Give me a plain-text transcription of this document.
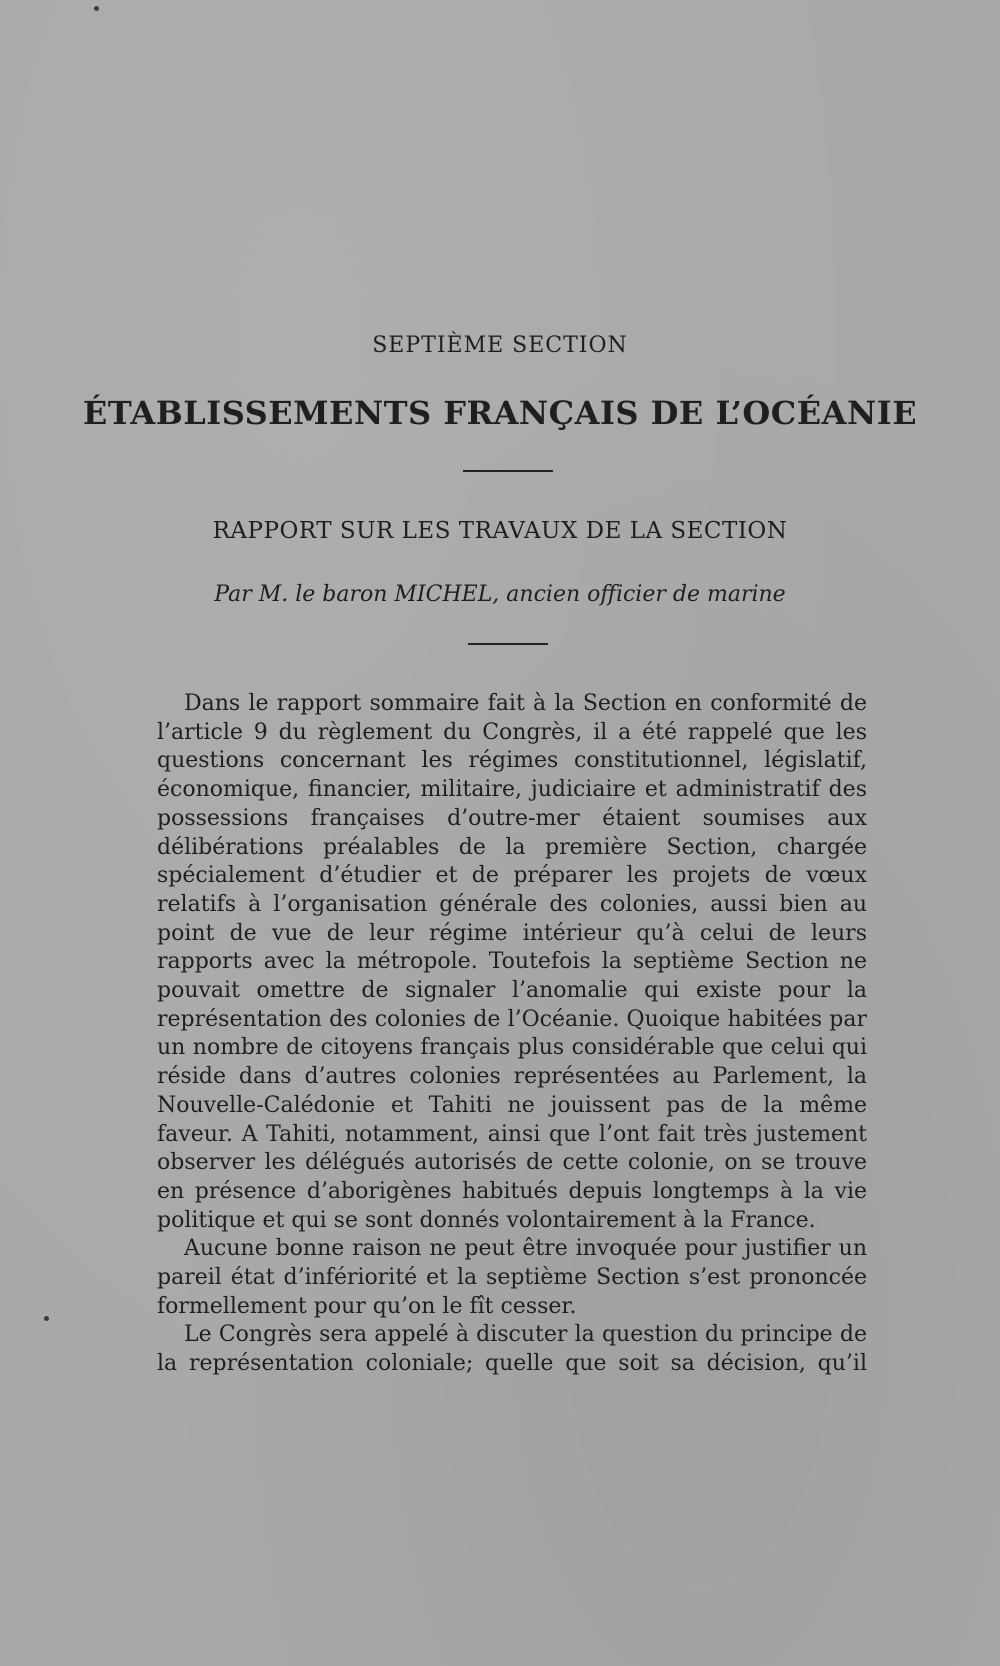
SEPTIÈME SECTION
ÉTABLISSEMENTS FRANÇAIS DE L’OCÉANIE
RAPPORT SUR LES TRAVAUX DE LA SECTION
Par M. le baron MICHEL, ancien officier de marine

Dans le rapport sommaire fait à la Section en conformité de l’article 9 du règlement du Congrès, il a été rappelé que les questions concernant les régimes constitutionnel, législatif, économique, financier, militaire, judiciaire et administratif des possessions françaises d’outre-mer étaient soumises aux délibérations préalables de la première Section, chargée spécialement d’étudier et de préparer les projets de vœux relatifs à l’organisation générale des colonies, aussi bien au point de vue de leur régime intérieur qu’à celui de leurs rapports avec la métropole. Toutefois la septième Section ne pouvait omettre de signaler l’anomalie qui existe pour la représentation des colonies de l’Océanie. Quoique habitées par un nombre de citoyens français plus considérable que celui qui réside dans d’autres colonies représentées au Parlement, la Nouvelle-Calédonie et Tahiti ne jouissent pas de la même faveur. A Tahiti, notamment, ainsi que l’ont fait très justement observer les délégués autorisés de cette colonie, on se trouve en présence d’aborigènes habitués depuis longtemps à la vie politique et qui se sont donnés volontairement à la France.

Aucune bonne raison ne peut être invoquée pour justifier un pareil état d’infériorité et la septième Section s’est prononcée formellement pour qu’on le fît cesser.

Le Congrès sera appelé à discuter la question du principe de la représentation coloniale; quelle que soit sa décision, qu’il
